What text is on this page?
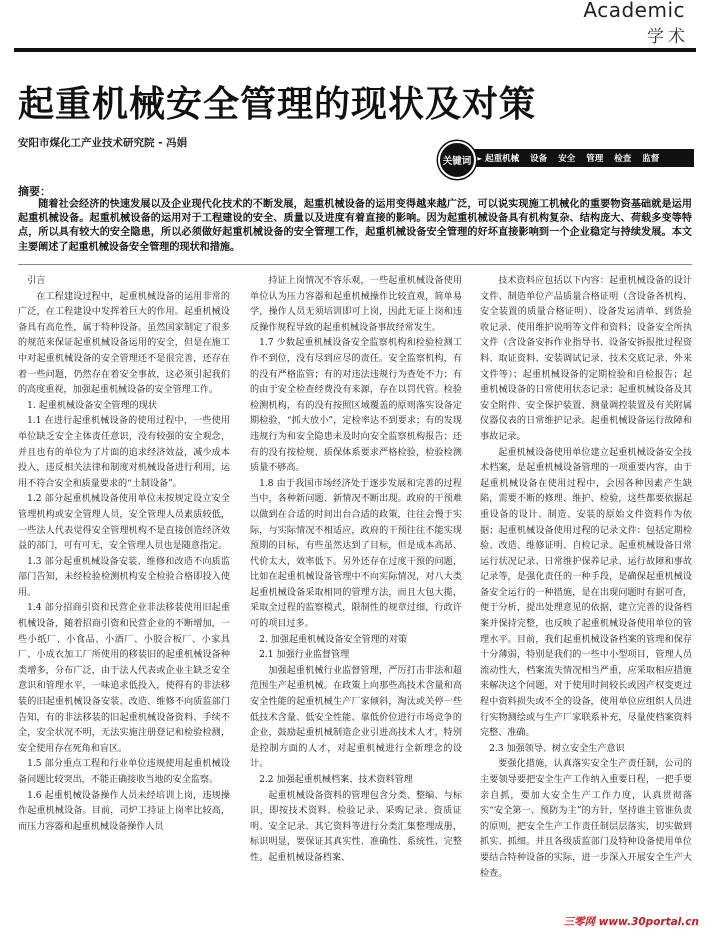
Academic
学术
起重机械安全管理的现状及对策
安阳市煤化工产业技术研究院 - 冯娟
关键词 ► 起重机械 设备 安全 管理 检查 监督
摘要：

随着社会经济的快速发展以及企业现代化技术的不断发展，起重机械设备的运用变得越来越广泛，可以说实现施工机械化的重要物资基础就是运用起重机械设备。起重机械设备的运用对于工程建设的安全、质量以及进度有着直接的影响。因为起重机械设备具有机构复杂、结构庞大、荷载多变等特点，所以具有较大的安全隐患，所以必须做好起重机械设备的安全管理工作，起重机械设备安全管理的好坏直接影响到一个企业稳定与持续发展。本文主要阐述了起重机械设备安全管理的现状和措施。

引言

在工程建设过程中，起重机械设备的运用非常的广泛，在工程建设中发挥着巨大的作用。起重机械设备具有高危性，属于特种设备。虽然国家制定了很多的规范来保证起重机械设备运用的安全，但是在施工中对起重机械设备的安全管理还不是很完善，还存在着一些问题，仍然存在着安全事故，这必须引起我们的高度重视，加强起重机械设备的安全管理工作。

1. 起重机械设备安全管理的现状

1.1 在进行起重机械设备的使用过程中，一些使用单位缺乏安全主体责任意识，没有较强的安全观念，并且也有的单位为了片面的追求经济效益，减少成本投入，违反相关法律和制度对机械设备进行利用，运用不符合安全和质量要求的“土制设备”。

1.2 部分起重机械设备使用单位未按规定设立安全管理机构或安全管理人员，安全管理人员素质较低，一些法人代表觉得安全管理机构不是直接创造经济效益的部门，可有可无，安全管理人员也是随意指定。

1.3 部分起重机械设备安装、维修和改造不向质监部门告知，未经检验检测机构安全检验合格即投入使用。

1.4 部分招商引资和民营企业非法移装使用旧起重机械设备，随着招商引资和民营企业的不断增加，一些小纸厂、小食品、小酒厂、小胶合板厂、小家具厂、小成衣加工厂所使用的移装旧的起重机械设备种类增多，分布广泛，由于法人代表或企业主缺乏安全意识和管理水平，一味追求低投入，使得有的非法移装的旧起重机械设备安装、改造、维修不向质监部门告知，有的非法移装的旧起重机械设备资料、手续不全，安全状况不明，无法实施注册登记和检验检测，安全使用存在死角和盲区。

1.5 部分重点工程和行业单位违规使用起重机械设备问题比较突出，不能正确接收当地的安全监察。

1.6 起重机械设备操作人员未经培训上岗，违规操作起重机械设备。目前，司炉工持证上岗率比较高，而压力容器和起重机械设备操作人员

持证上岗情况不容乐观，一些起重机械设备使用单位认为压力容器和起重机械操作比较直观，简单易学，操作人员无须培训即可上岗，因此无证上岗和违反操作规程导致的起重机械设备事故经常发生。

1.7 少数起重机械设备安全监察机构和检验检测工作不到位，没有尽到应尽的责任。安全监察机构，有的没有严格监管；有的对违法违规行为查处不力；有的由于安全检查经费没有来源，存在以罚代管。检验检测机构，有的没有按照区域覆盖的原则落实设备定期检验，“抓大放小”，定检率达不到要求；有的发现违规行为和安全隐患未及时向安全监察机构报告；还有的没有按检规、质保体系要求严格检验，检验检测质量不够高。

1.8 由于我国市场经济处于逐步发展和完善的过程当中，各种新问题、新情况不断出现。政府的干预难以做到在合适的时间出台合适的政策，往往会慢于实际，与实际情况不相适应，政府的干预往往不能实现预期的目标，有些虽然达到了目标，但是成本高昂、代价太大，效率低下。另外还存在过度干预的问题，比如在起重机械设备管理中不向实际情况，对八大类起重机械设备采取相同的管理方法，而且大包大揽，采取全过程的监察模式，限制性的规章过细，行政许可的项目过多。

2. 加强起重机械设备安全管理的对策

2.1 加强行业监督管理

加强起重机械行业监督管理，严厉打击非法和超范围生产起重机械。在政策上向那些高技术含量和高安全性能的起重机械生产厂家倾斜，淘汰或关停一些低技术含量、低安全性能、靠低价位进行市场竞争的企业，鼓励起重机械制造企业引进高技术人才，特别是控制方面的人才，对起重机械进行全新理念的设计。

2.2 加强起重机械档案、技术资料管理

起重机械设备资料的管理包含分类、整编、与标识，即按技术资料、检验记录、采购记录、资质证明、安全记录、其它资料等进行分类汇集整理成册，标识明显，要保证其真实性、准确性、系统性、完整性。起重机械设备档案、

技术资料应包括以下内容：起重机械设备的设计文件、制造单位产品质量合格证明（含设备各机构、安全装置的质量合格证明）、设备发运清单、到货验收记录、使用维护说明等文件和资料；设备安全所执文件（含设备安拆作业指导书、设备安拆报批过程资料、取证资料、安装调试记录、技术交底记录、外来文件等）；起重机械设备的定期检验和自检报告；起重机械设备的日常使用状态记录；起重机械设备及其安全附件、安全保护装置、测量调控装置及有关附属仪器仪表的日常维护记录。起重机械设备运行故障和事故记录。

起重机械设备使用单位建立起重机械设备安全技术档案，是起重机械设备管理的一项重要内容，由于起重机械设备在使用过程中，会因各种因素产生缺陷，需要不断的修理、维护、检验，这些都要依据起重设备的设计、制造、安装的原始文件资料作为依据；起重机械设备使用过程的记录文件：包括定期检验、改造、维修证明、自检记录、起重机械设备日常运行状况记录、日常维护保养记录、运行故障和事故记录等，是强化责任的一种手段，是确保起重机械设备安全运行的一种措施，是在出现问题时有据可查，便于分析，提出处理意见的依据，建立完善的设备档案并保持完整，也反映了起重机械设备使用单位的管理水平。目前，我们起重机械设备档案的管理和保存十分薄弱，特别是我们的一些中小型项目，管理人员流动性大，档案流失情况相当严重，应采取相应措施来解决这个问题，对于使用时间较长或因产权变更过程中资料损失或不全的设备，使用单位应组织人员进行实物测绘或与生产厂家联系补充，尽量使档案资料完整、准确。

2.3 加强领导、树立安全生产意识

要强化措施，认真落实安全生产责任制，公司的主要领导要把安全生产工作纳入重要日程，一把手要亲自抓，要加大安全生产工作力度，认真贯彻落实“安全第一、预防为主”的方针，坚持谁主管谁负责的原则，把安全生产工作责任制层层落实，切实做到抓实、抓细。并且各级质监部门及特种设备使用单位要结合特种设备的实际，进一步深入开展安全生产大检查。

三零网 www.30portal.cn
